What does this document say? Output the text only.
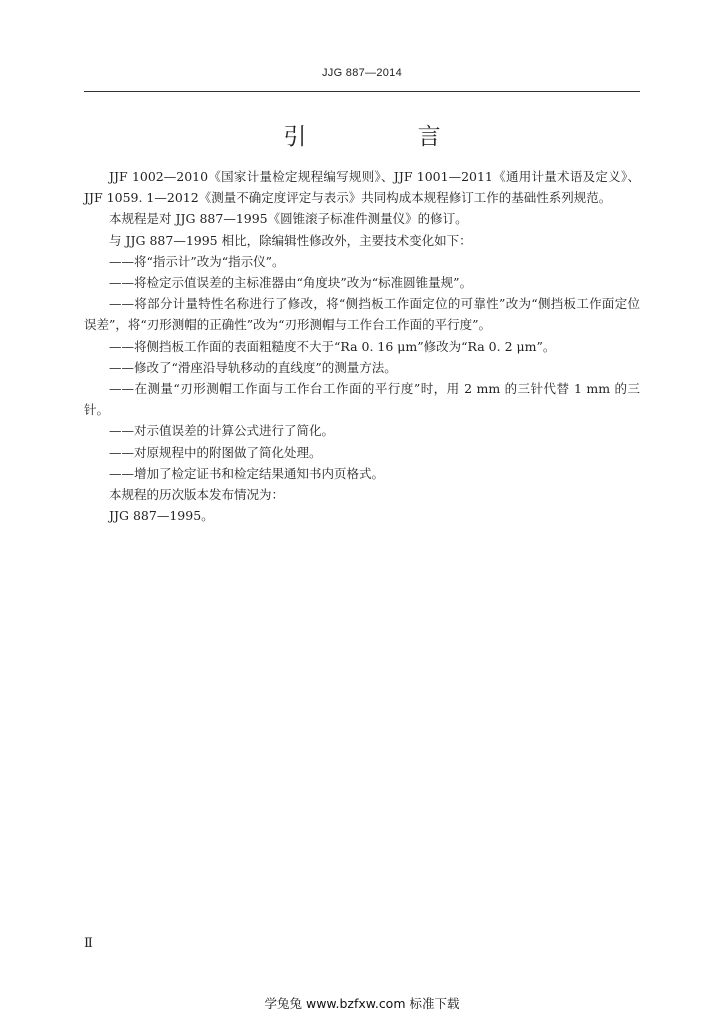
JJG 887—2014
引 言

JJF 1002—2010《国家计量检定规程编写规则》、JJF 1001—2011《通用计量术语及定义》、JJF 1059. 1—2012《测量不确定度评定与表示》共同构成本规程修订工作的基础性系列规范。

本规程是对 JJG 887—1995《圆锥滚子标准件测量仪》的修订。

与 JJG 887—1995 相比，除编辑性修改外，主要技术变化如下：

——将“指示计”改为“指示仪”。

——将检定示值误差的主标准器由“角度块”改为“标准圆锥量规”。

——将部分计量特性名称进行了修改，将“侧挡板工作面定位的可靠性”改为“侧挡板工作面定位误差”，将“刃形测帽的正确性”改为“刃形测帽与工作台工作面的平行度”。

——将侧挡板工作面的表面粗糙度不大于“Ra 0. 16 μm”修改为“Ra 0. 2 μm”。

——修改了“滑座沿导轨移动的直线度”的测量方法。

——在测量“刃形测帽工作面与工作台工作面的平行度”时，用 2 mm 的三针代替 1 mm 的三针。

——对示值误差的计算公式进行了简化。

——对原规程中的附图做了简化处理。

——增加了检定证书和检定结果通知书内页格式。

本规程的历次版本发布情况为：

JJG 887—1995。

Ⅱ
学兔兔 www.bzfxw.com 标准下载
